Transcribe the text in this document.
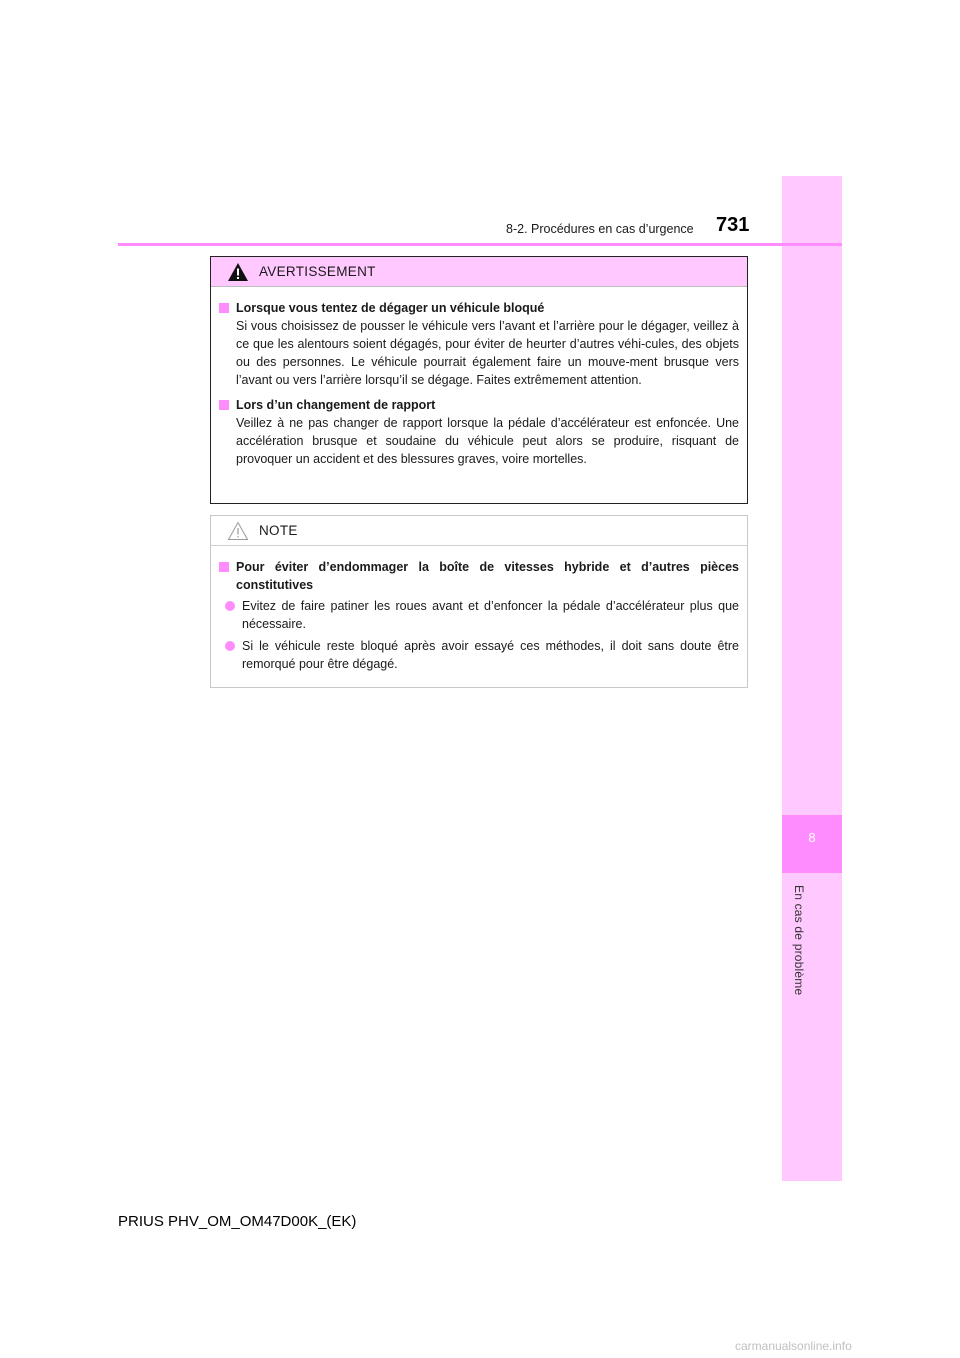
8
En cas de problème
8-2. Procédures en cas d’urgence 731
AVERTISSEMENT
Lorsque vous tentez de dégager un véhicule bloqué
Si vous choisissez de pousser le véhicule vers l’avant et l’arrière pour le dégager, veillez à ce que les alentours soient dégagés, pour éviter de heurter d’autres véhi-cules, des objets ou des personnes. Le véhicule pourrait également faire un mouve-ment brusque vers l’avant ou vers l’arrière lorsqu’il se dégage. Faites extrêmement attention.
Lors d’un changement de rapport
Veillez à ne pas changer de rapport lorsque la pédale d’accélérateur est enfoncée. Une accélération brusque et soudaine du véhicule peut alors se produire, risquant de provoquer un accident et des blessures graves, voire mortelles.
NOTE
Pour éviter d’endommager la boîte de vitesses hybride et d’autres pièces constitutives
Evitez de faire patiner les roues avant et d’enfoncer la pédale d’accélérateur plus que nécessaire.
Si le véhicule reste bloqué après avoir essayé ces méthodes, il doit sans doute être remorqué pour être dégagé.
PRIUS PHV_OM_OM47D00K_(EK)
carmanualsonline.info
